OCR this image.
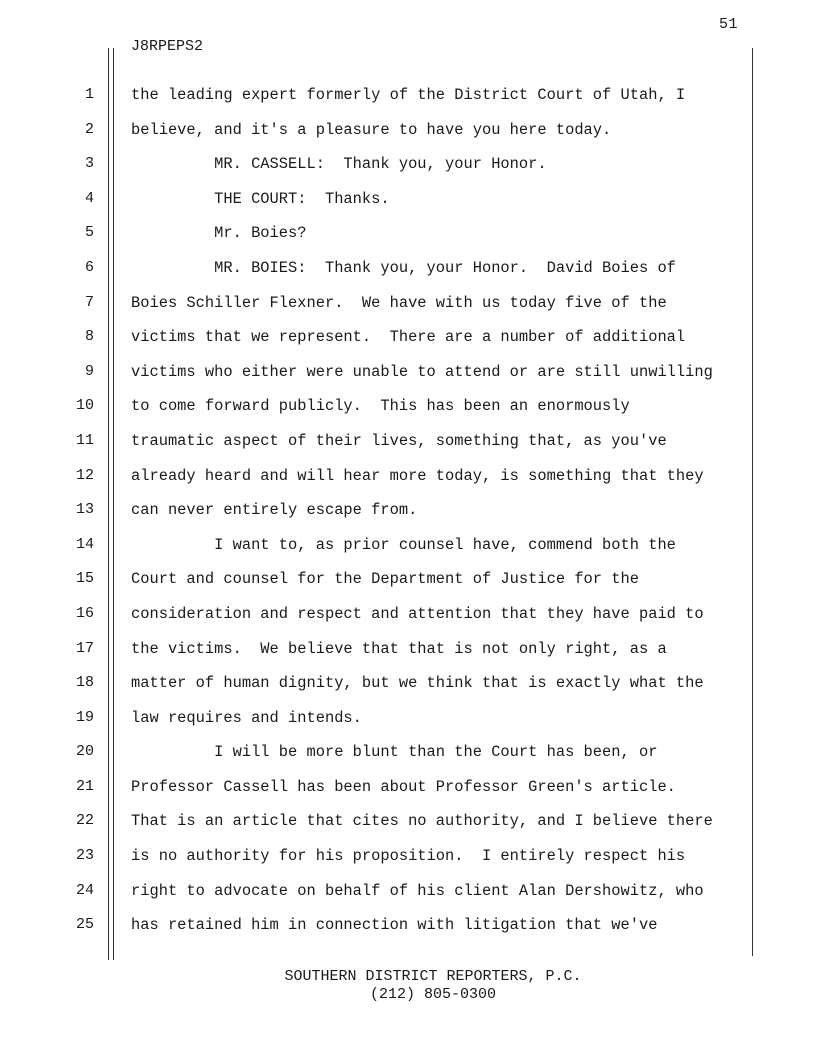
51
J8RPEPS2
1
2
3
4
5
6
7
8
9
10
11
12
13
14
15
16
17
18
19
20
21
22
23
24
25
the leading expert formerly of the District Court of Utah, I
believe, and it's a pleasure to have you here today.
MR. CASSELL:  Thank you, your Honor.
THE COURT:  Thanks.
Mr. Boies?
MR. BOIES:  Thank you, your Honor.  David Boies of
Boies Schiller Flexner.  We have with us today five of the
victims that we represent.  There are a number of additional
victims who either were unable to attend or are still unwilling
to come forward publicly.  This has been an enormously
traumatic aspect of their lives, something that, as you've
already heard and will hear more today, is something that they
can never entirely escape from.
I want to, as prior counsel have, commend both the
Court and counsel for the Department of Justice for the
consideration and respect and attention that they have paid to
the victims.  We believe that that is not only right, as a
matter of human dignity, but we think that is exactly what the
law requires and intends.
I will be more blunt than the Court has been, or
Professor Cassell has been about Professor Green's article.
That is an article that cites no authority, and I believe there
is no authority for his proposition.  I entirely respect his
right to advocate on behalf of his client Alan Dershowitz, who
has retained him in connection with litigation that we've
SOUTHERN DISTRICT REPORTERS, P.C.
(212) 805-0300
